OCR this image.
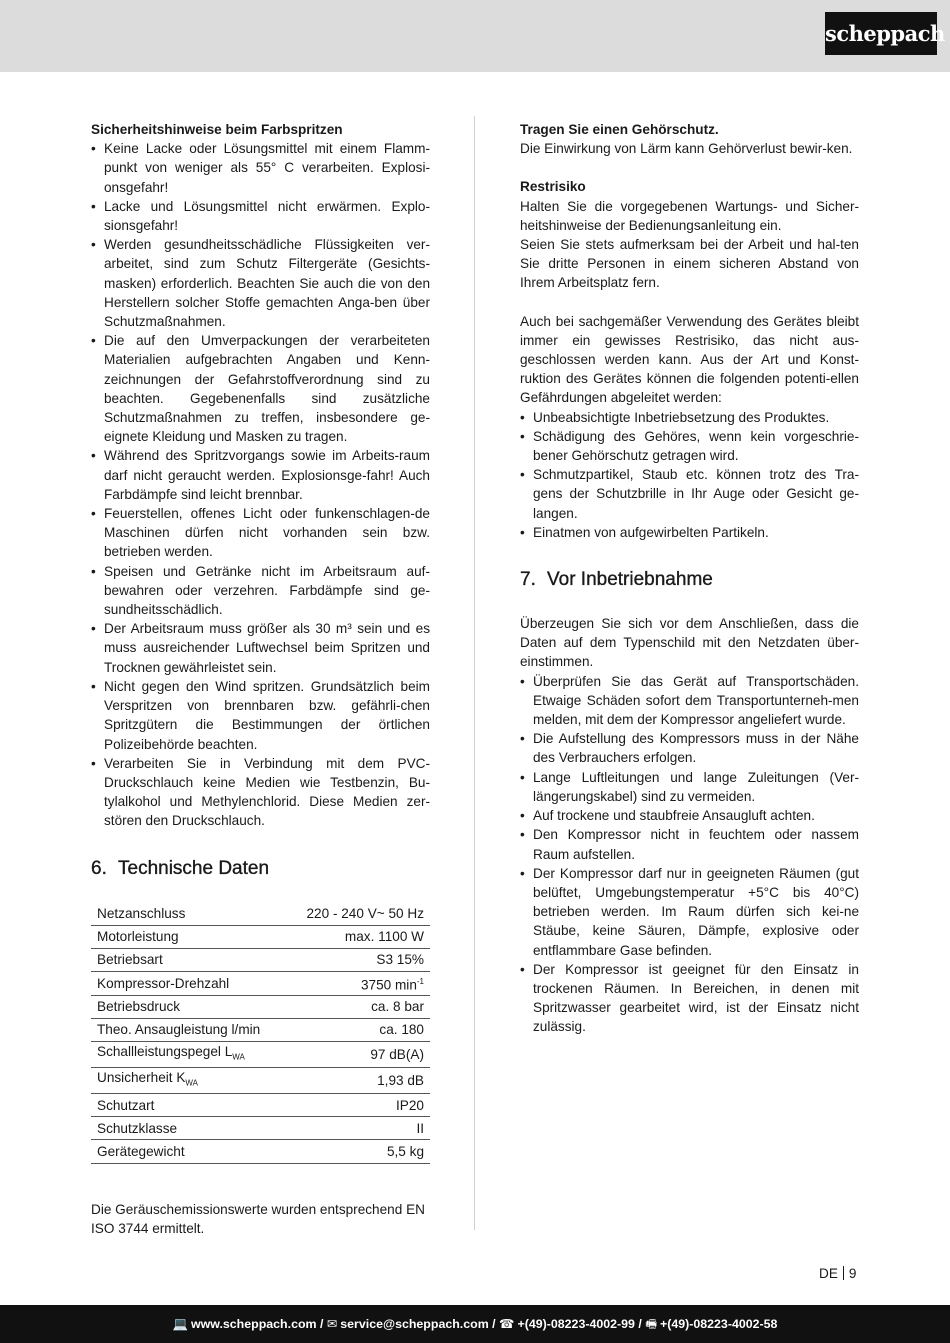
scheppach

Sicherheitshinweise beim Farbspritzen

• Keine Lacke oder Lösungsmittel mit einem Flamm-punkt von weniger als 55° C verarbeiten. Explosi-onsgefahr!
• Lacke und Lösungsmittel nicht erwärmen. Explo-sionsgefahr!
• Werden gesundheitsschädliche Flüssigkeiten ver-arbeitet, sind zum Schutz Filtergeräte (Gesichts-masken) erforderlich. Beachten Sie auch die von den Herstellern solcher Stoffe gemachten Anga-ben über Schutzmaßnahmen.
• Die auf den Umverpackungen der verarbeiteten Materialien aufgebrachten Angaben und Kenn-zeichnungen der Gefahrstoffverordnung sind zu beachten. Gegebenenfalls sind zusätzliche Schutzmaßnahmen zu treffen, insbesondere ge-eignete Kleidung und Masken zu tragen.
• Während des Spritzvorgangs sowie im Arbeits-raum darf nicht geraucht werden. Explosionsge-fahr! Auch Farbdämpfe sind leicht brennbar.
• Feuerstellen, offenes Licht oder funkenschlagen-de Maschinen dürfen nicht vorhanden sein bzw. betrieben werden.
• Speisen und Getränke nicht im Arbeitsraum auf-bewahren oder verzehren. Farbdämpfe sind ge-sundheitsschädlich.
• Der Arbeitsraum muss größer als 30 m³ sein und es muss ausreichender Luftwechsel beim Spritzen und Trocknen gewährleistet sein.
• Nicht gegen den Wind spritzen. Grundsätzlich beim Verspritzen von brennbaren bzw. gefährli-chen Spritzgütern die Bestimmungen der örtlichen Polizeibehörde beachten.
• Verarbeiten Sie in Verbindung mit dem PVC-Druckschlauch keine Medien wie Testbenzin, Bu-tylalkohol und Methylenchlorid. Diese Medien zer-stören den Druckschlauch.
6. Technische Daten
Netzanschluss	220 - 240 V~ 50 Hz
Motorleistung	max. 1100 W
Betriebsart	S3 15%
Kompressor-Drehzahl	3750 $\min^{-1}$
Betriebsdruck	ca. 8 bar
Theo. Ansaugleistung l/min	ca. 180
Schallleistungspegel $L_{WA}$	97 dB(A)
Unsicherheit $K_{WA}$	1,93 dB
Schutzart	IP20
Schutzklasse	II
Gerätegewicht	5,5 kg

Die Geräuschemissionswerte wurden entsprechend EN ISO 3744 ermittelt.

Tragen Sie einen Gehörschutz.

Die Einwirkung von Lärm kann Gehörverlust bewir-ken.

Restrisiko

Halten Sie die vorgegebenen Wartungs- und Sicher-heitshinweise der Bedienungsanleitung ein.

Seien Sie stets aufmerksam bei der Arbeit und hal-ten Sie dritte Personen in einem sicheren Abstand von Ihrem Arbeitsplatz fern.

Auch bei sachgemäßer Verwendung des Gerätes bleibt immer ein gewisses Restrisiko, das nicht aus-geschlossen werden kann. Aus der Art und Konst-ruktion des Gerätes können die folgenden potenti-ellen Gefährdungen abgeleitet werden:

• Unbeabsichtigte Inbetriebsetzung des Produktes.
• Schädigung des Gehöres, wenn kein vorgeschrie-bener Gehörschutz getragen wird.
• Schmutzpartikel, Staub etc. können trotz des Tra-gens der Schutzbrille in Ihr Auge oder Gesicht ge-langen.
• Einatmen von aufgewirbelten Partikeln.
7. Vor Inbetriebnahme

Überzeugen Sie sich vor dem Anschließen, dass die Daten auf dem Typenschild mit den Netzdaten über-einstimmen.

• Überprüfen Sie das Gerät auf Transportschäden. Etwaige Schäden sofort dem Transportunterneh-men melden, mit dem der Kompressor angeliefert wurde.
• Die Aufstellung des Kompressors muss in der Nähe des Verbrauchers erfolgen.
• Lange Luftleitungen und lange Zuleitungen (Ver-längerungskabel) sind zu vermeiden.
• Auf trockene und staubfreie Ansaugluft achten.
• Den Kompressor nicht in feuchtem oder nassem Raum aufstellen.
• Der Kompressor darf nur in geeigneten Räumen (gut belüftet, Umgebungstemperatur +5°C bis 40°C) betrieben werden. Im Raum dürfen sich kei-ne Stäube, keine Säuren, Dämpfe, explosive oder entflammbare Gase befinden.
• Der Kompressor ist geeignet für den Einsatz in trockenen Räumen. In Bereichen, in denen mit Spritzwasser gearbeitet wird, ist der Einsatz nicht zulässig.
DE 9
💻 www.scheppach.com / ✉ service@scheppach.com / ☎ +(49)-08223-4002-99 / 🖷 +(49)-08223-4002-58
